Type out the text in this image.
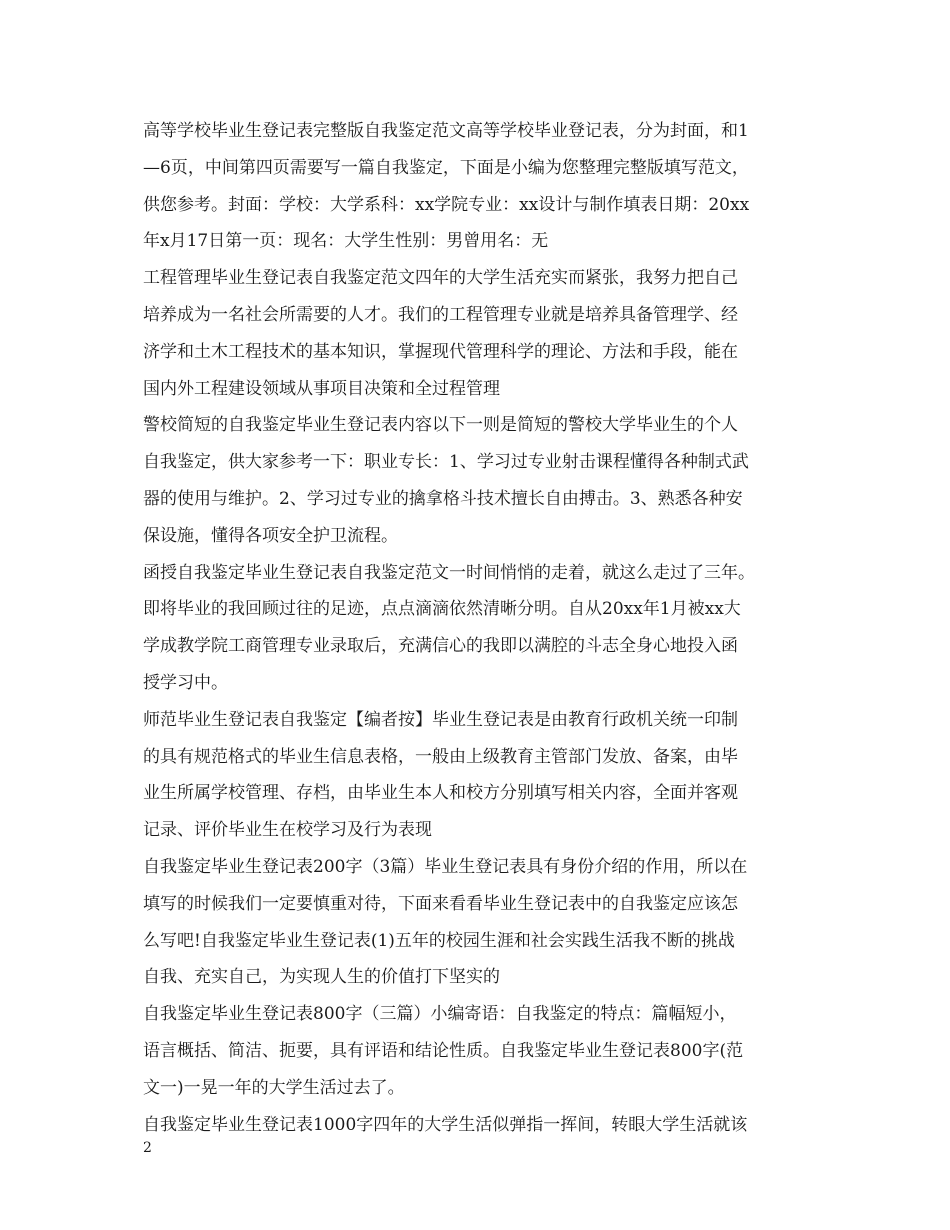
高等学校毕业生登记表完整版自我鉴定范文高等学校毕业登记表，分为封面，和1
—6页，中间第四页需要写一篇自我鉴定，下面是小编为您整理完整版填写范文，
供您参考。封面：学校：大学系科：xx学院专业：xx设计与制作填表日期：20xx
年x月17日第一页：现名：大学生性别：男曾用名：无
工程管理毕业生登记表自我鉴定范文四年的大学生活充实而紧张，我努力把自己
培养成为一名社会所需要的人才。我们的工程管理专业就是培养具备管理学、经
济学和土木工程技术的基本知识，掌握现代管理科学的理论、方法和手段，能在
国内外工程建设领域从事项目决策和全过程管理
警校简短的自我鉴定毕业生登记表内容以下一则是简短的警校大学毕业生的个人
自我鉴定，供大家参考一下：职业专长：1、学习过专业射击课程懂得各种制式武
器的使用与维护。2、学习过专业的擒拿格斗技术擅长自由搏击。3、熟悉各种安
保设施，懂得各项安全护卫流程。
函授自我鉴定毕业生登记表自我鉴定范文一时间悄悄的走着，就这么走过了三年。
即将毕业的我回顾过往的足迹，点点滴滴依然清晰分明。自从20xx年1月被xx大
学成教学院工商管理专业录取后，充满信心的我即以满腔的斗志全身心地投入函
授学习中。
师范毕业生登记表自我鉴定【编者按】毕业生登记表是由教育行政机关统一印制
的具有规范格式的毕业生信息表格，一般由上级教育主管部门发放、备案，由毕
业生所属学校管理、存档，由毕业生本人和校方分别填写相关内容，全面并客观
记录、评价毕业生在校学习及行为表现
自我鉴定毕业生登记表200字（3篇）毕业生登记表具有身份介绍的作用，所以在
填写的时候我们一定要慎重对待，下面来看看毕业生登记表中的自我鉴定应该怎
么写吧!自我鉴定毕业生登记表(1)五年的校园生涯和社会实践生活我不断的挑战
自我、充实自己，为实现人生的价值打下坚实的
自我鉴定毕业生登记表800字（三篇）小编寄语：自我鉴定的特点：篇幅短小，
语言概括、简洁、扼要，具有评语和结论性质。自我鉴定毕业生登记表800字(范
文一)一晃一年的大学生活过去了。
自我鉴定毕业生登记表1000字四年的大学生活似弹指一挥间，转眼大学生活就该
2
